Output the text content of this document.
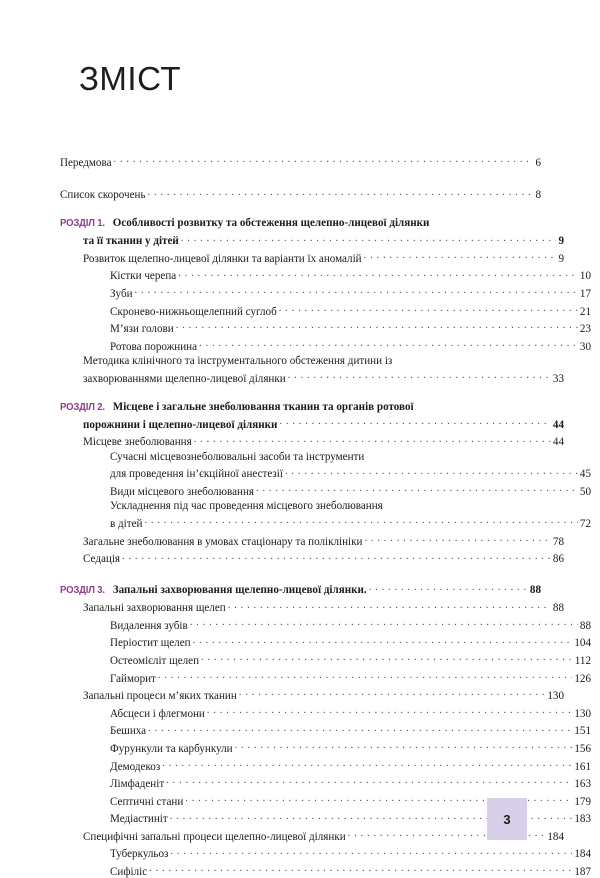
ЗМІСТ
Передмова . . .	6
Список скорочень . . .	8
РОЗДІЛ 1. Особливості розвитку та обстеження щелепно-лицевої ділянки
та її тканин у дітей . . .	9
Розвиток щелепно-лицевої ділянки та варіанти їх аномалій . . .	9
Кістки черепа . . .	10
Зуби . . .	17
Скронево-нижньощелепний суглоб . . .	21
М’язи голови . . .	23
Ротова порожнина . . .	30
Методика клінічного та інструментального обстеження дитини із
захворюваннями щелепно-лицевої ділянки . . .	33
РОЗДІЛ 2. Місцеве і загальне знеболювання тканин та органів ротової
порожнини і щелепно-лицевої ділянки . . .	44
Місцеве знеболювання . . .	44
Сучасні місцевознеболювальні засоби та інструменти
для проведення ін’єкційної анестезії . . .	45
Види місцевого знеболювання . . .	50
Ускладнення під час проведення місцевого знеболювання
в дітей . . .	72
Загальне знеболювання в умовах стаціонару та поліклініки . . .	78
Седація . . .	86
РОЗДІЛ 3. Запальні захворювання щелепно-лицевої ділянки. . . .	88
Запальні захворювання щелеп . . .	88
Видалення зубів . . .	88
Періостит щелеп . . .	104
Остеомієліт щелеп . . .	112
Гайморит . . .	126
Запальні процеси м’яких тканин . . .	130
Абсцеси і флегмони . . .	130
Бешиха . . .	151
Фурункули та карбункули . . .	156
Демодекоз . . .	161
Лімфаденіт . . .	163
Септичні стани . . .	179
Медіастиніт . . .	183
Специфічні запальні процеси щелепно-лицевої ділянки . . .	184
Туберкульоз . . .	184
Сифіліс . . .	187
3
